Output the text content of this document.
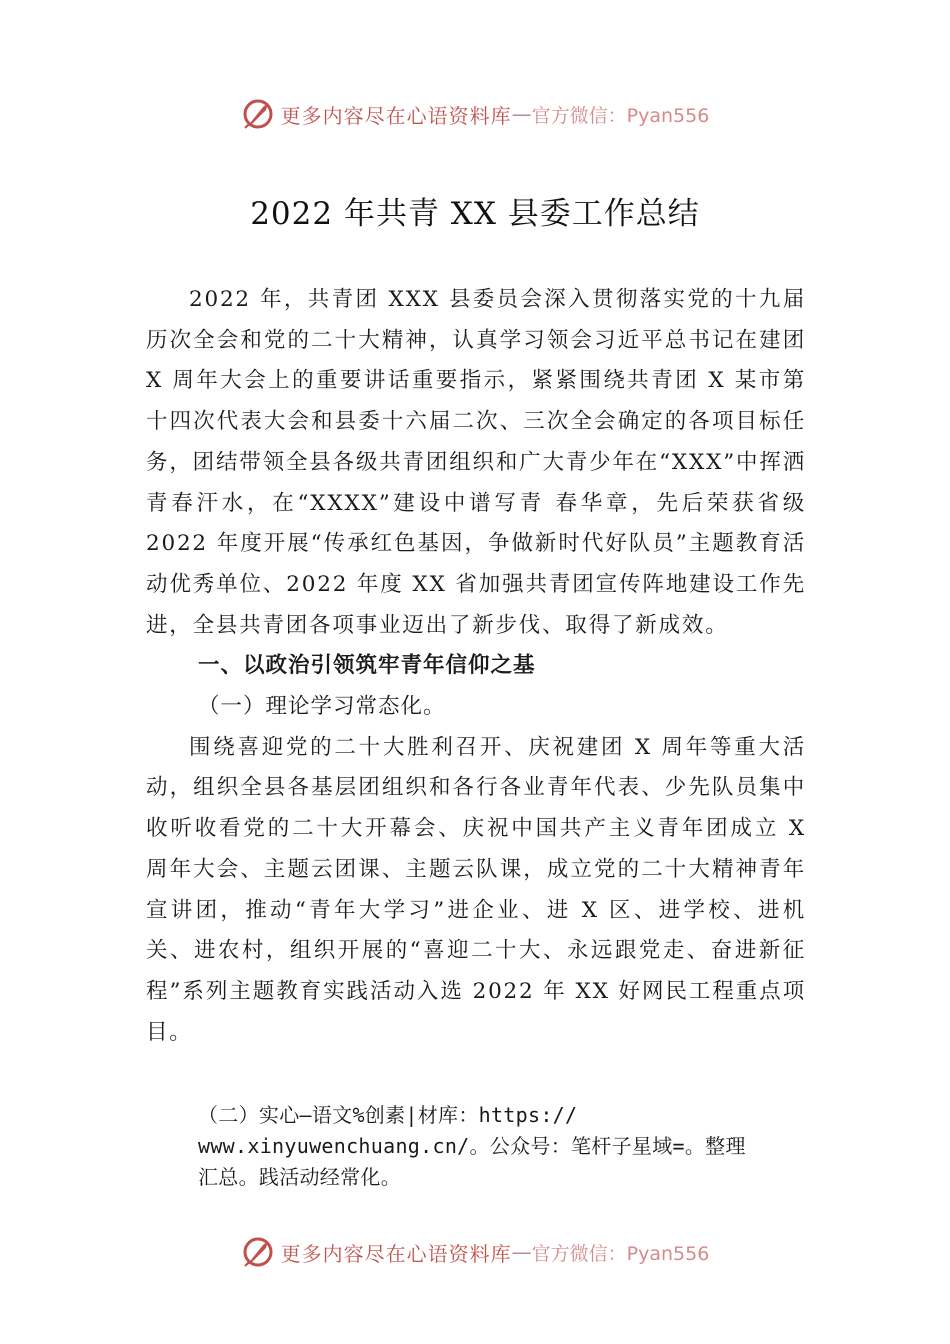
更多内容尽在心语资料库 — 官方微信：Pyan556
2022 年共青 XX 县委工作总结

2022 年，共青团 XXX 县委员会深入贯彻落实党的十九届历次全会和党的二十大精神，认真学习领会习近平总书记在建团 X 周年大会上的重要讲话重要指示，紧紧围绕共青团 X 某市第十四次代表大会和县委十六届二次、三次全会确定的各项目标任务，团结带领全县各级共青团组织和广大青少年在“XXX”中挥洒青春汗水，在“XXXX”建设中谱写青 春华章，先后荣获省级 2022 年度开展“传承红色基因，争做新时代好队员”主题教育活动优秀单位、2022 年度 XX 省加强共青团宣传阵地建设工作先进，全县共青团各项事业迈出了新步伐、取得了新成效。

一、以政治引领筑牢青年信仰之基

（一）理论学习常态化。

围绕喜迎党的二十大胜利召开、庆祝建团 X 周年等重大活动，组织全县各基层团组织和各行各业青年代表、少先队员集中收听收看党的二十大开幕会、庆祝中国共产主义青年团成立 X 周年大会、主题云团课、主题云队课，成立党的二十大精神青年宣讲团，推动“青年大学习”进企业、进 X 区、进学校、进机关、进农村，组织开展的“喜迎二十大、永远跟党走、奋进新征程”系列主题教育实践活动入选 2022 年 XX 好网民工程重点项目。

（二）实心—语文%创素|材库：https://
www.xinyuwenchuang.cn/。公众号：笔杆子星域=。整理
汇总。践活动经常化。
更多内容尽在心语资料库 — 官方微信：Pyan556
